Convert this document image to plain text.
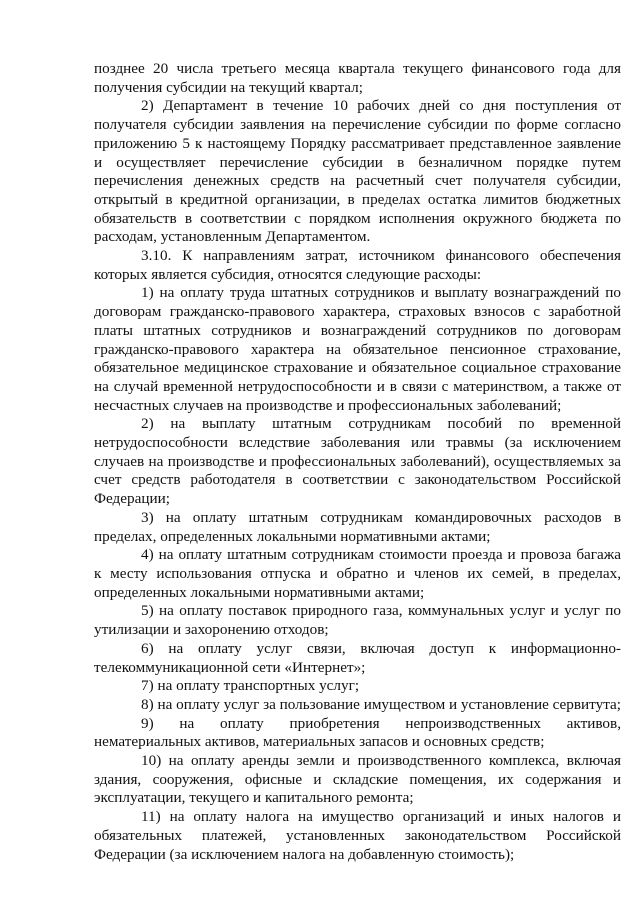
позднее 20 числа третьего месяца квартала текущего финансового года для получения субсидии на текущий квартал;

2) Департамент в течение 10 рабочих дней со дня поступления от получателя субсидии заявления на перечисление субсидии по форме согласно приложению 5 к настоящему Порядку рассматривает представленное заявление и осуществляет перечисление субсидии в безналичном порядке путем перечисления денежных средств на расчетный счет получателя субсидии, открытый в кредитной организации, в пределах остатка лимитов бюджетных обязательств в соответствии с порядком исполнения окружного бюджета по расходам, установленным Департаментом.

3.10. К направлениям затрат, источником финансового обеспечения которых является субсидия, относятся следующие расходы:

1) на оплату труда штатных сотрудников и выплату вознаграждений по договорам гражданско-правового характера, страховых взносов с заработной платы штатных сотрудников и вознаграждений сотрудников по договорам гражданско-правового характера на обязательное пенсионное страхование, обязательное медицинское страхование и обязательное социальное страхование на случай временной нетрудоспособности и в связи с материнством, а также от несчастных случаев на производстве и профессиональных заболеваний;

2) на выплату штатным сотрудникам пособий по временной нетрудоспособности вследствие заболевания или травмы (за исключением случаев на производстве и профессиональных заболеваний), осуществляемых за счет средств работодателя в соответствии с законодательством Российской Федерации;

3) на оплату штатным сотрудникам командировочных расходов в пределах, определенных локальными нормативными актами;

4) на оплату штатным сотрудникам стоимости проезда и провоза багажа к месту использования отпуска и обратно и членов их семей, в пределах, определенных локальными нормативными актами;

5) на оплату поставок природного газа, коммунальных услуг и услуг по утилизации и захоронению отходов;

6) на оплату услуг связи, включая доступ к информационно-телекоммуникационной сети «Интернет»;

7) на оплату транспортных услуг;

8) на оплату услуг за пользование имуществом и установление сервитута;

9) на оплату приобретения непроизводственных активов, нематериальных активов, материальных запасов и основных средств;

10) на оплату аренды земли и производственного комплекса, включая здания, сооружения, офисные и складские помещения, их содержания и эксплуатации, текущего и капитального ремонта;

11) на оплату налога на имущество организаций и иных налогов и обязательных платежей, установленных законодательством Российской Федерации (за исключением налога на добавленную стоимость);
